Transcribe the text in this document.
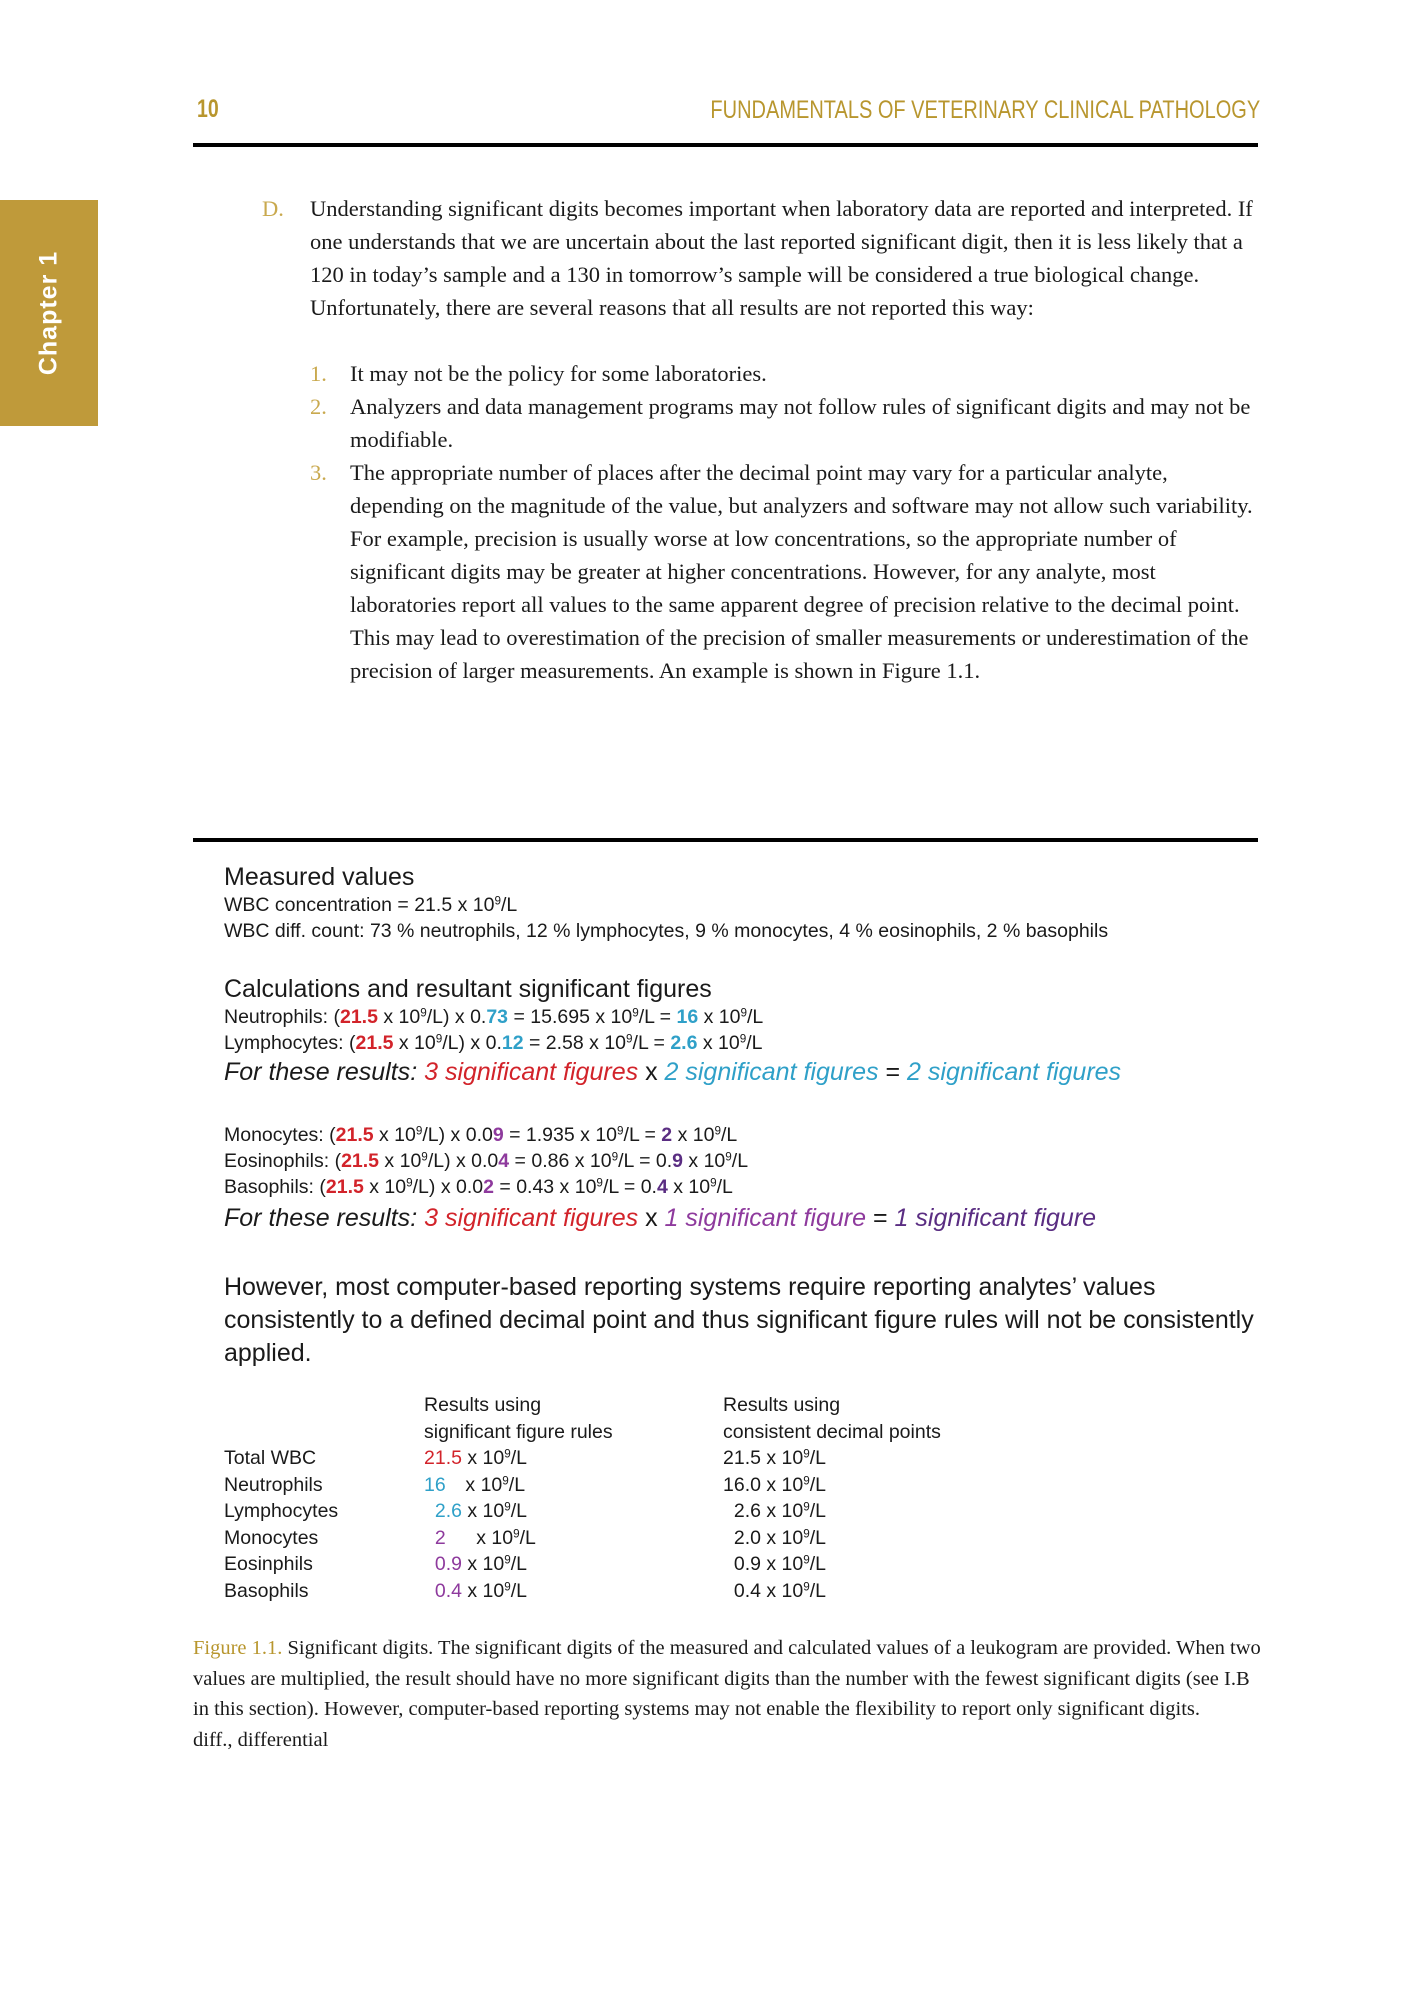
10	FUNDAMENTALS OF VETERINARY CLINICAL PATHOLOGY
Chapter 1
D. Understanding significant digits becomes important when laboratory data are reported and interpreted. If one understands that we are uncertain about the last reported significant digit, then it is less likely that a 120 in today’s sample and a 130 in tomorrow’s sample will be considered a true biological change. Unfortunately, there are several reasons that all results are not reported this way:
1. It may not be the policy for some laboratories.
2. Analyzers and data management programs may not follow rules of significant digits and may not be modifiable.
3. The appropriate number of places after the decimal point may vary for a particular analyte, depending on the magnitude of the value, but analyzers and software may not allow such variability. For example, precision is usually worse at low concentrations, so the appropriate number of significant digits may be greater at higher concentrations. However, for any analyte, most laboratories report all values to the same apparent degree of precision relative to the decimal point. This may lead to overestimation of the precision of smaller measurements or underestimation of the precision of larger measurements. An example is shown in Figure 1.1.
Measured values
WBC concentration = 21.5 x $10^9/L$
WBC diff. count: 73 % neutrophils, 12 % lymphocytes, 9 % monocytes, 4 % eosinophils, 2 % basophils
Calculations and resultant significant figures
Neutrophils: (21.5 x $10^9/L$) x 0.73 = 15.695 x $10^9/L = 16$ x $10^9/L$
Lymphocytes: (21.5 x $10^9/L$) x 0.12 = 2.58 x $10^9/L = 2.6$ x $10^9/L$
For these results: 3 significant figures x 2 significant figures = 2 significant figures
Monocytes: (21.5 x $10^9/L$) x 0.09 = 1.935 x $10^9/L = 2$ x $10^9/L$
Eosinophils: (21.5 x $10^9/L$) x 0.04 = 0.86 x $10^9/L = 0.9$ x $10^9/L$
Basophils: (21.5 x $10^9/L$) x 0.02 = 0.43 x $10^9/L = 0.4$ x $10^9/L$
For these results: 3 significant figures x 1 significant figure = 1 significant figure
However, most computer-based reporting systems require reporting analytes’ values consistently to a defined decimal point and thus significant figure rules will not be consistently applied.
Total WBC
Neutrophils
Lymphocytes
Monocytes
Eosinphils
Basophils
Results using
significant figure rules
21.5 x $10^9/L$
16 x $10^9/L$
2.6 x $10^9/L$
2 x $10^9/L$
0.9 x $10^9/L$
0.4 x $10^9/L$
Results using
consistent decimal points
21.5 x $10^9/L$
16.0 x $10^9/L$
2.6 x $10^9/L$
2.0 x $10^9/L$
0.9 x $10^9/L$
0.4 x $10^9/L$
Figure 1.1. Significant digits. The significant digits of the measured and calculated values of a leukogram are provided. When two values are multiplied, the result should have no more significant digits than the number with the fewest significant digits (see I.B in this section). However, computer-based reporting systems may not enable the flexibility to report only significant digits.
diff., differential
